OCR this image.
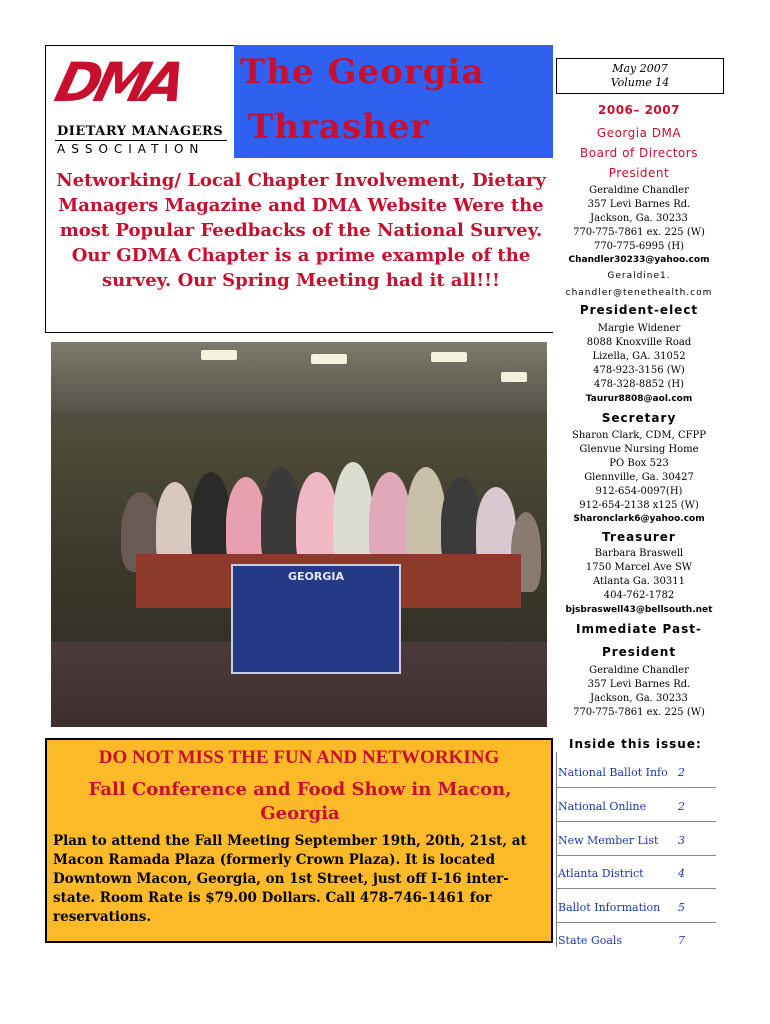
DMA
DIETARY MANAGERS
ASSOCIATION
The Georgia
Thrasher
Networking/ Local Chapter Involvement, Dietary Managers Magazine and DMA Website Were the most Popular Feedbacks of the National Survey. Our GDMA Chapter is a prime example of the survey. Our Spring Meeting had it all!!!
GEORGIA
May 2007
Volume 14
2006– 2007
Georgia DMA
Board of Directors
President
Geraldine Chandler
357 Levi Barnes Rd.
Jackson, Ga. 30233
770-775-7861 ex. 225 (W)
770-775-6995 (H)
Chandler30233@yahoo.com
Geraldine1.
chandler@tenethealth.com
President-elect
Margie Widener
8088 Knoxville Road
Lizella, GA. 31052
478-923-3156 (W)
478-328-8852 (H)
Taurur8808@aol.com
Secretary
Sharon Clark, CDM, CFPP
Glenvue Nursing Home
PO Box 523
Glennville, Ga. 30427
912-654-0097(H)
912-654-2138 x125 (W)
Sharonclark6@yahoo.com
Treasurer
Barbara Braswell
1750 Marcel Ave SW
Atlanta Ga. 30311
404-762-1782
bjsbraswell43@bellsouth.net
Immediate Past-
President
Geraldine Chandler
357 Levi Barnes Rd.
Jackson, Ga. 30233
770-775-7861 ex. 225 (W)
DO NOT MISS THE FUN AND NETWORKING
Fall Conference and Food Show in Macon, Georgia
Plan to attend the Fall Meeting September 19th, 20th, 21st, at Macon Ramada Plaza (formerly Crown Plaza). It is located Downtown Macon, Georgia, on 1st Street, just off I-16 inter-state. Room Rate is $79.00 Dollars. Call 478-746-1461 for reservations.
Inside this issue:
National Ballot Info 2
National Online	2
New Member List 3
Atlanta District	4
Ballot Information 5
State Goals	7
